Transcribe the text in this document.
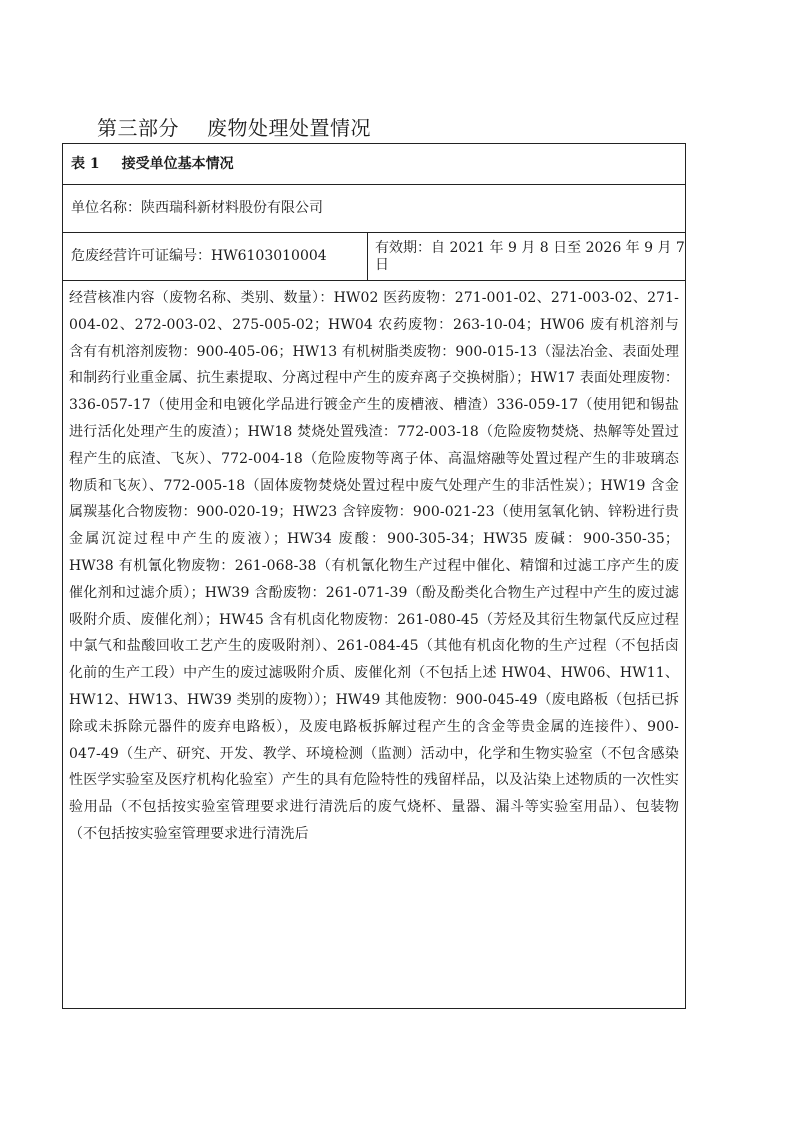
第三部分 废物处理处置情况
表 1 接受单位基本情况
单位名称：陕西瑞科新材料股份有限公司
危废经营许可证编号：HW6103010004
有效期：自 2021 年 9 月 8 日至 2026 年 9 月 7 日

经营核准内容（废物名称、类别、数量）：HW02 医药废物：271-001-02、271-003-02、271-004-02、272-003-02、275-005-02；HW04 农药废物：263-10-04；HW06 废有机溶剂与含有有机溶剂废物：900-405-06；HW13 有机树脂类废物：900-015-13（湿法冶金、表面处理和制药行业重金属、抗生素提取、分离过程中产生的废弃离子交换树脂）；HW17 表面处理废物：336-057-17（使用金和电镀化学品进行镀金产生的废槽液、槽渣）336-059-17（使用钯和锡盐进行活化处理产生的废渣）；HW18 焚烧处置残渣：772-003-18（危险废物焚烧、热解等处置过程产生的底渣、飞灰）、772-004-18（危险废物等离子体、高温熔融等处置过程产生的非玻璃态物质和飞灰）、772-005-18（固体废物焚烧处置过程中废气处理产生的非活性炭）；HW19 含金属羰基化合物废物：900-020-19；HW23 含锌废物：900-021-23（使用氢氧化钠、锌粉进行贵金属沉淀过程中产生的废液）；HW34 废酸：900-305-34；HW35 废碱：900-350-35；HW38 有机氰化物废物：261-068-38（有机氰化物生产过程中催化、精馏和过滤工序产生的废催化剂和过滤介质）；HW39 含酚废物：261-071-39（酚及酚类化合物生产过程中产生的废过滤吸附介质、废催化剂）；HW45 含有机卤化物废物：261-080-45（芳烃及其衍生物氯代反应过程中氯气和盐酸回收工艺产生的废吸附剂）、261-084-45（其他有机卤化物的生产过程（不包括卤化前的生产工段）中产生的废过滤吸附介质、废催化剂（不包括上述 HW04、HW06、HW11、HW12、HW13、HW39 类别的废物））；HW49 其他废物：900-045-49（废电路板（包括已拆除或未拆除元器件的废弃电路板），及废电路板拆解过程产生的含金等贵金属的连接件）、900-047-49（生产、研究、开发、教学、环境检测（监测）活动中，化学和生物实验室（不包含感染性医学实验室及医疗机构化验室）产生的具有危险特性的残留样品，以及沾染上述物质的一次性实验用品（不包括按实验室管理要求进行清洗后的废气烧杯、量器、漏斗等实验室用品）、包装物（不包括按实验室管理要求进行清洗后
